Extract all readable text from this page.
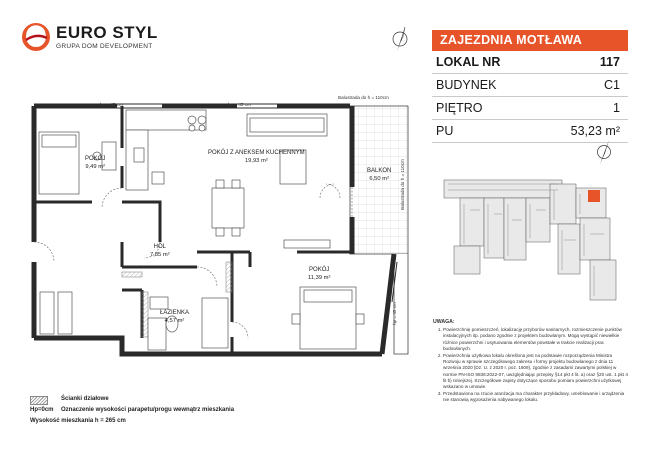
EURO STYL
GRUPA DOM DEVELOPMENT	ZAJEZDNIA MOTŁAWA
LOKAL NR	117
BUDYNEK	C1
PIĘTRO	1
PU	53,23 m²
hp = 45 cm	hp = 45 cm
Balustrada do h = 110cm
Balustrada do h = 110cm
hp = 45 cm
POKÓJ
9,49 m²
POKÓJ Z ANEKSEM KUCHENNYM
19,93 m²
BALKON
6,50 m²
HOL
7,85 m²
POKÓJ
11,39 m²
ŁAZIENKA
4,57 m²	UWAGA:
1. Powierzchnię pomieszczeń, lokalizację przyborów sanitarnych, rozmieszczenie punktów instalacyjnych itp. podano zgodnie z projektem budowlanym. Mogą wystąpić niewielkie różnice powierzchni i usytuowania elementów powstałe w trakcie realizacji prac budowlanych.
2. Powierzchnia użytkowa lokalu określona jest na podstawie rozporządzenia Ministra Rozwoju w sprawie szczegółowego zakresu i formy projektu budowlanego z dnia 11 września 2020 (Dz. U. z 2020 r. poz. 1609), zgodnie z zasadami zawartymi polskiej w normie PN-ISO 9836:2022-07, uwzględniając przepisy §14 pkt 4 lit. a) oraz §20 ust. 1 pkt 4 lit b) niniejszej. Szczegółowe zapisy dotyczące sposobu pomiaru powierzchni użytkowej wskazano w umowie.
3. Przedstawiona na rzucie aranżacja ma charakter przykładowy, umeblowanie i urządzenia nie stanowią wyposażenia nabywanego lokalu.
Ścianki działowe
Hp=0cm Oznaczenie wysokości parapetu/progu wewnątrz mieszkania
Wysokość mieszkania h = 265 cm
